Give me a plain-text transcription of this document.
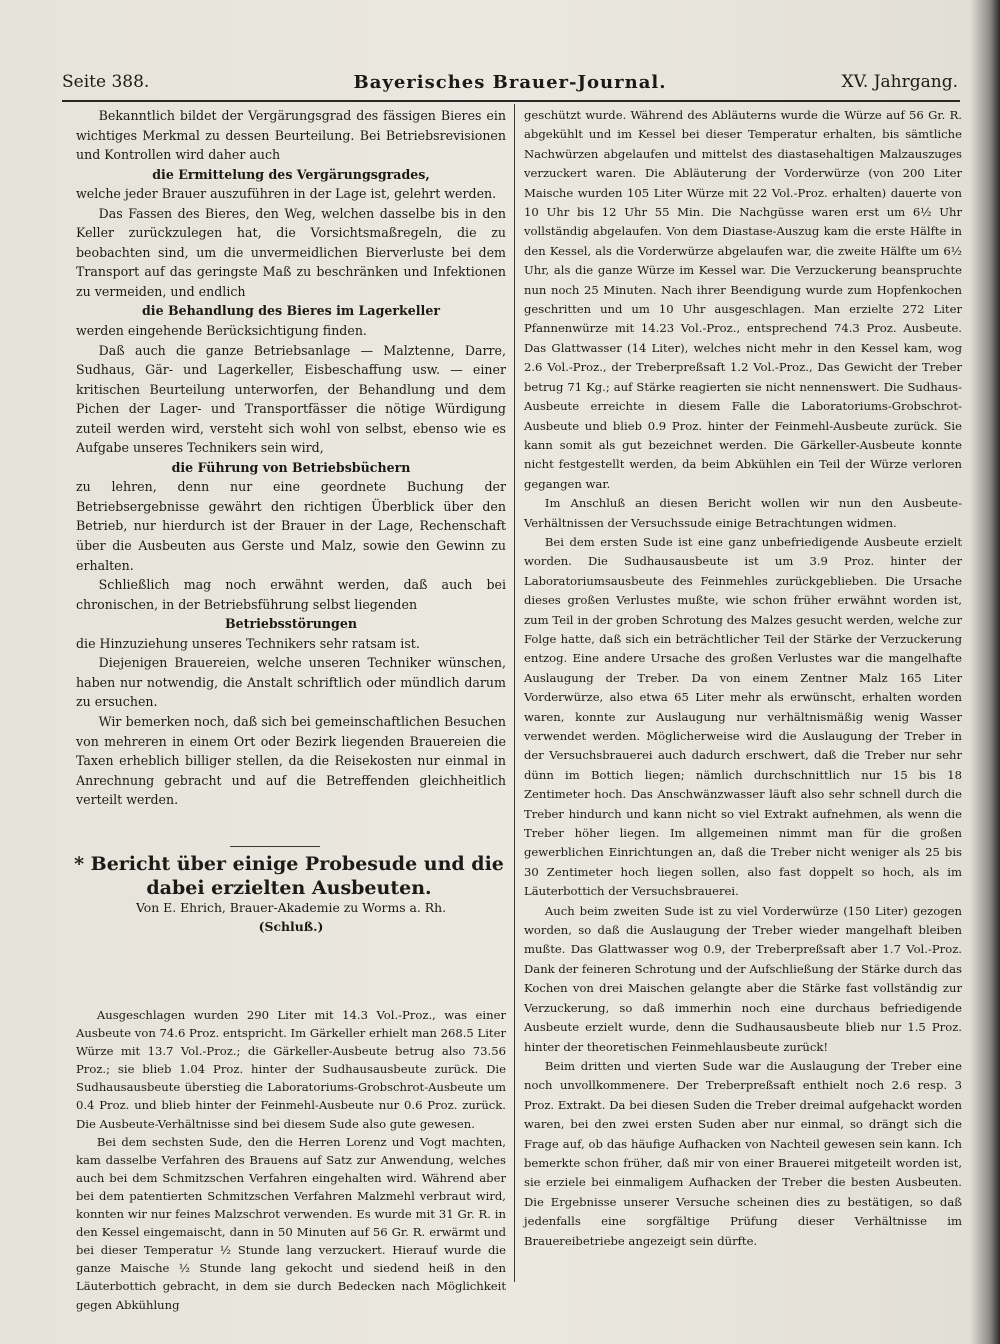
Seite 388.	Bayerisches Brauer-Journal.	XV. Jahrgang.

Bekanntlich bildet der Vergärungsgrad des fässigen Bieres ein wichtiges Merkmal zu dessen Beurteilung. Bei Betriebsrevisionen und Kontrollen wird daher auch

die Ermittelung des Vergärungsgrades,

welche jeder Brauer auszuführen in der Lage ist, gelehrt werden.

Das Fassen des Bieres, den Weg, welchen dasselbe bis in den Keller zurückzulegen hat, die Vorsichtsmaßregeln, die zu beobachten sind, um die unvermeidlichen Bierverluste bei dem Transport auf das geringste Maß zu beschränken und Infektionen zu vermeiden, und endlich

die Behandlung des Bieres im Lagerkeller

werden eingehende Berücksichtigung finden.

Daß auch die ganze Betriebsanlage — Malztenne, Darre, Sudhaus, Gär- und Lagerkeller, Eisbeschaffung usw. — einer kritischen Beurteilung unterworfen, der Behandlung und dem Pichen der Lager- und Transportfässer die nötige Würdigung zuteil werden wird, versteht sich wohl von selbst, ebenso wie es Aufgabe unseres Technikers sein wird,

die Führung von Betriebsbüchern

zu lehren, denn nur eine geordnete Buchung der Betriebsergebnisse gewährt den richtigen Überblick über den Betrieb, nur hierdurch ist der Brauer in der Lage, Rechenschaft über die Ausbeuten aus Gerste und Malz, sowie den Gewinn zu erhalten.

Schließlich mag noch erwähnt werden, daß auch bei chronischen, in der Betriebsführung selbst liegenden

Betriebsstörungen

die Hinzuziehung unseres Technikers sehr ratsam ist.

Diejenigen Brauereien, welche unseren Techniker wünschen, haben nur notwendig, die Anstalt schriftlich oder mündlich darum zu ersuchen.

Wir bemerken noch, daß sich bei gemeinschaftlichen Besuchen von mehreren in einem Ort oder Bezirk liegenden Brauereien die Taxen erheblich billiger stellen, da die Reisekosten nur einmal in Anrechnung gebracht und auf die Betreffenden gleichheitlich verteilt werden.

* Bericht über einige Probesude und die dabei erzielten Ausbeuten.
Von E. Ehrich, Brauer-Akademie zu Worms a. Rh.
(Schluß.)

Ausgeschlagen wurden 290 Liter mit 14.3 Vol.-Proz., was einer Ausbeute von 74.6 Proz. entspricht. Im Gärkeller erhielt man 268.5 Liter Würze mit 13.7 Vol.-Proz.; die Gärkeller-Ausbeute betrug also 73.56 Proz.; sie blieb 1.04 Proz. hinter der Sudhausausbeute zurück. Die Sudhausausbeute überstieg die Laboratoriums-Grobschrot-Ausbeute um 0.4 Proz. und blieb hinter der Feinmehl-Ausbeute nur 0.6 Proz. zurück. Die Ausbeute-Verhältnisse sind bei diesem Sude also gute gewesen.

Bei dem sechsten Sude, den die Herren Lorenz und Vogt machten, kam dasselbe Verfahren des Brauens auf Satz zur Anwendung, welches auch bei dem Schmitzschen Verfahren eingehalten wird. Während aber bei dem patentierten Schmitzschen Verfahren Malzmehl verbraut wird, konnten wir nur feines Malzschrot verwenden. Es wurde mit 31 Gr. R. in den Kessel eingemaischt, dann in 50 Minuten auf 56 Gr. R. erwärmt und bei dieser Temperatur ½ Stunde lang verzuckert. Hierauf wurde die ganze Maische ½ Stunde lang gekocht und siedend heiß in den Läuterbottich gebracht, in dem sie durch Bedecken nach Möglichkeit gegen Abkühlung

geschützt wurde. Während des Abläuterns wurde die Würze auf 56 Gr. R. abgekühlt und im Kessel bei dieser Temperatur erhalten, bis sämtliche Nachwürzen abgelaufen und mittelst des diastasehaltigen Malzauszuges verzuckert waren. Die Abläuterung der Vorderwürze (von 200 Liter Maische wurden 105 Liter Würze mit 22 Vol.-Proz. erhalten) dauerte von 10 Uhr bis 12 Uhr 55 Min. Die Nachgüsse waren erst um 6½ Uhr vollständig abgelaufen. Von dem Diastase-Auszug kam die erste Hälfte in den Kessel, als die Vorderwürze abgelaufen war, die zweite Hälfte um 6½ Uhr, als die ganze Würze im Kessel war. Die Verzuckerung beanspruchte nun noch 25 Minuten. Nach ihrer Beendigung wurde zum Hopfenkochen geschritten und um 10 Uhr ausgeschlagen. Man erzielte 272 Liter Pfannenwürze mit 14.23 Vol.-Proz., entsprechend 74.3 Proz. Ausbeute. Das Glattwasser (14 Liter), welches nicht mehr in den Kessel kam, wog 2.6 Vol.-Proz., der Treberpreßsaft 1.2 Vol.-Proz., Das Gewicht der Treber betrug 71 Kg.; auf Stärke reagierten sie nicht nennenswert. Die Sudhaus-Ausbeute erreichte in diesem Falle die Laboratoriums-Grobschrot-Ausbeute und blieb 0.9 Proz. hinter der Feinmehl-Ausbeute zurück. Sie kann somit als gut bezeichnet werden. Die Gärkeller-Ausbeute konnte nicht festgestellt werden, da beim Abkühlen ein Teil der Würze verloren gegangen war.

Im Anschluß an diesen Bericht wollen wir nun den Ausbeute-Verhältnissen der Versuchssude einige Betrachtungen widmen.

Bei dem ersten Sude ist eine ganz unbefriedigende Ausbeute erzielt worden. Die Sudhausausbeute ist um 3.9 Proz. hinter der Laboratoriumsausbeute des Feinmehles zurückgeblieben. Die Ursache dieses großen Verlustes mußte, wie schon früher erwähnt worden ist, zum Teil in der groben Schrotung des Malzes gesucht werden, welche zur Folge hatte, daß sich ein beträchtlicher Teil der Stärke der Verzuckerung entzog. Eine andere Ursache des großen Verlustes war die mangelhafte Auslaugung der Treber. Da von einem Zentner Malz 165 Liter Vorderwürze, also etwa 65 Liter mehr als erwünscht, erhalten worden waren, konnte zur Auslaugung nur verhältnismäßig wenig Wasser verwendet werden. Möglicherweise wird die Auslaugung der Treber in der Versuchsbrauerei auch dadurch erschwert, daß die Treber nur sehr dünn im Bottich liegen; nämlich durchschnittlich nur 15 bis 18 Zentimeter hoch. Das Anschwänzwasser läuft also sehr schnell durch die Treber hindurch und kann nicht so viel Extrakt aufnehmen, als wenn die Treber höher liegen. Im allgemeinen nimmt man für die großen gewerblichen Einrichtungen an, daß die Treber nicht weniger als 25 bis 30 Zentimeter hoch liegen sollen, also fast doppelt so hoch, als im Läuterbottich der Versuchsbrauerei.

Auch beim zweiten Sude ist zu viel Vorderwürze (150 Liter) gezogen worden, so daß die Auslaugung der Treber wieder mangelhaft bleiben mußte. Das Glattwasser wog 0.9, der Treberpreßsaft aber 1.7 Vol.-Proz. Dank der feineren Schrotung und der Aufschließung der Stärke durch das Kochen von drei Maischen gelangte aber die Stärke fast vollständig zur Verzuckerung, so daß immerhin noch eine durchaus befriedigende Ausbeute erzielt wurde, denn die Sudhausausbeute blieb nur 1.5 Proz. hinter der theoretischen Feinmehlausbeute zurück!

Beim dritten und vierten Sude war die Auslaugung der Treber eine noch unvollkommenere. Der Treberpreßsaft enthielt noch 2.6 resp. 3 Proz. Extrakt. Da bei diesen Suden die Treber dreimal aufgehackt worden waren, bei den zwei ersten Suden aber nur einmal, so drängt sich die Frage auf, ob das häufige Aufhacken von Nachteil gewesen sein kann. Ich bemerkte schon früher, daß mir von einer Brauerei mitgeteilt worden ist, sie erziele bei einmaligem Aufhacken der Treber die besten Ausbeuten. Die Ergebnisse unserer Versuche scheinen dies zu bestätigen, so daß jedenfalls eine sorgfältige Prüfung dieser Verhältnisse im Brauereibetriebe angezeigt sein dürfte.
